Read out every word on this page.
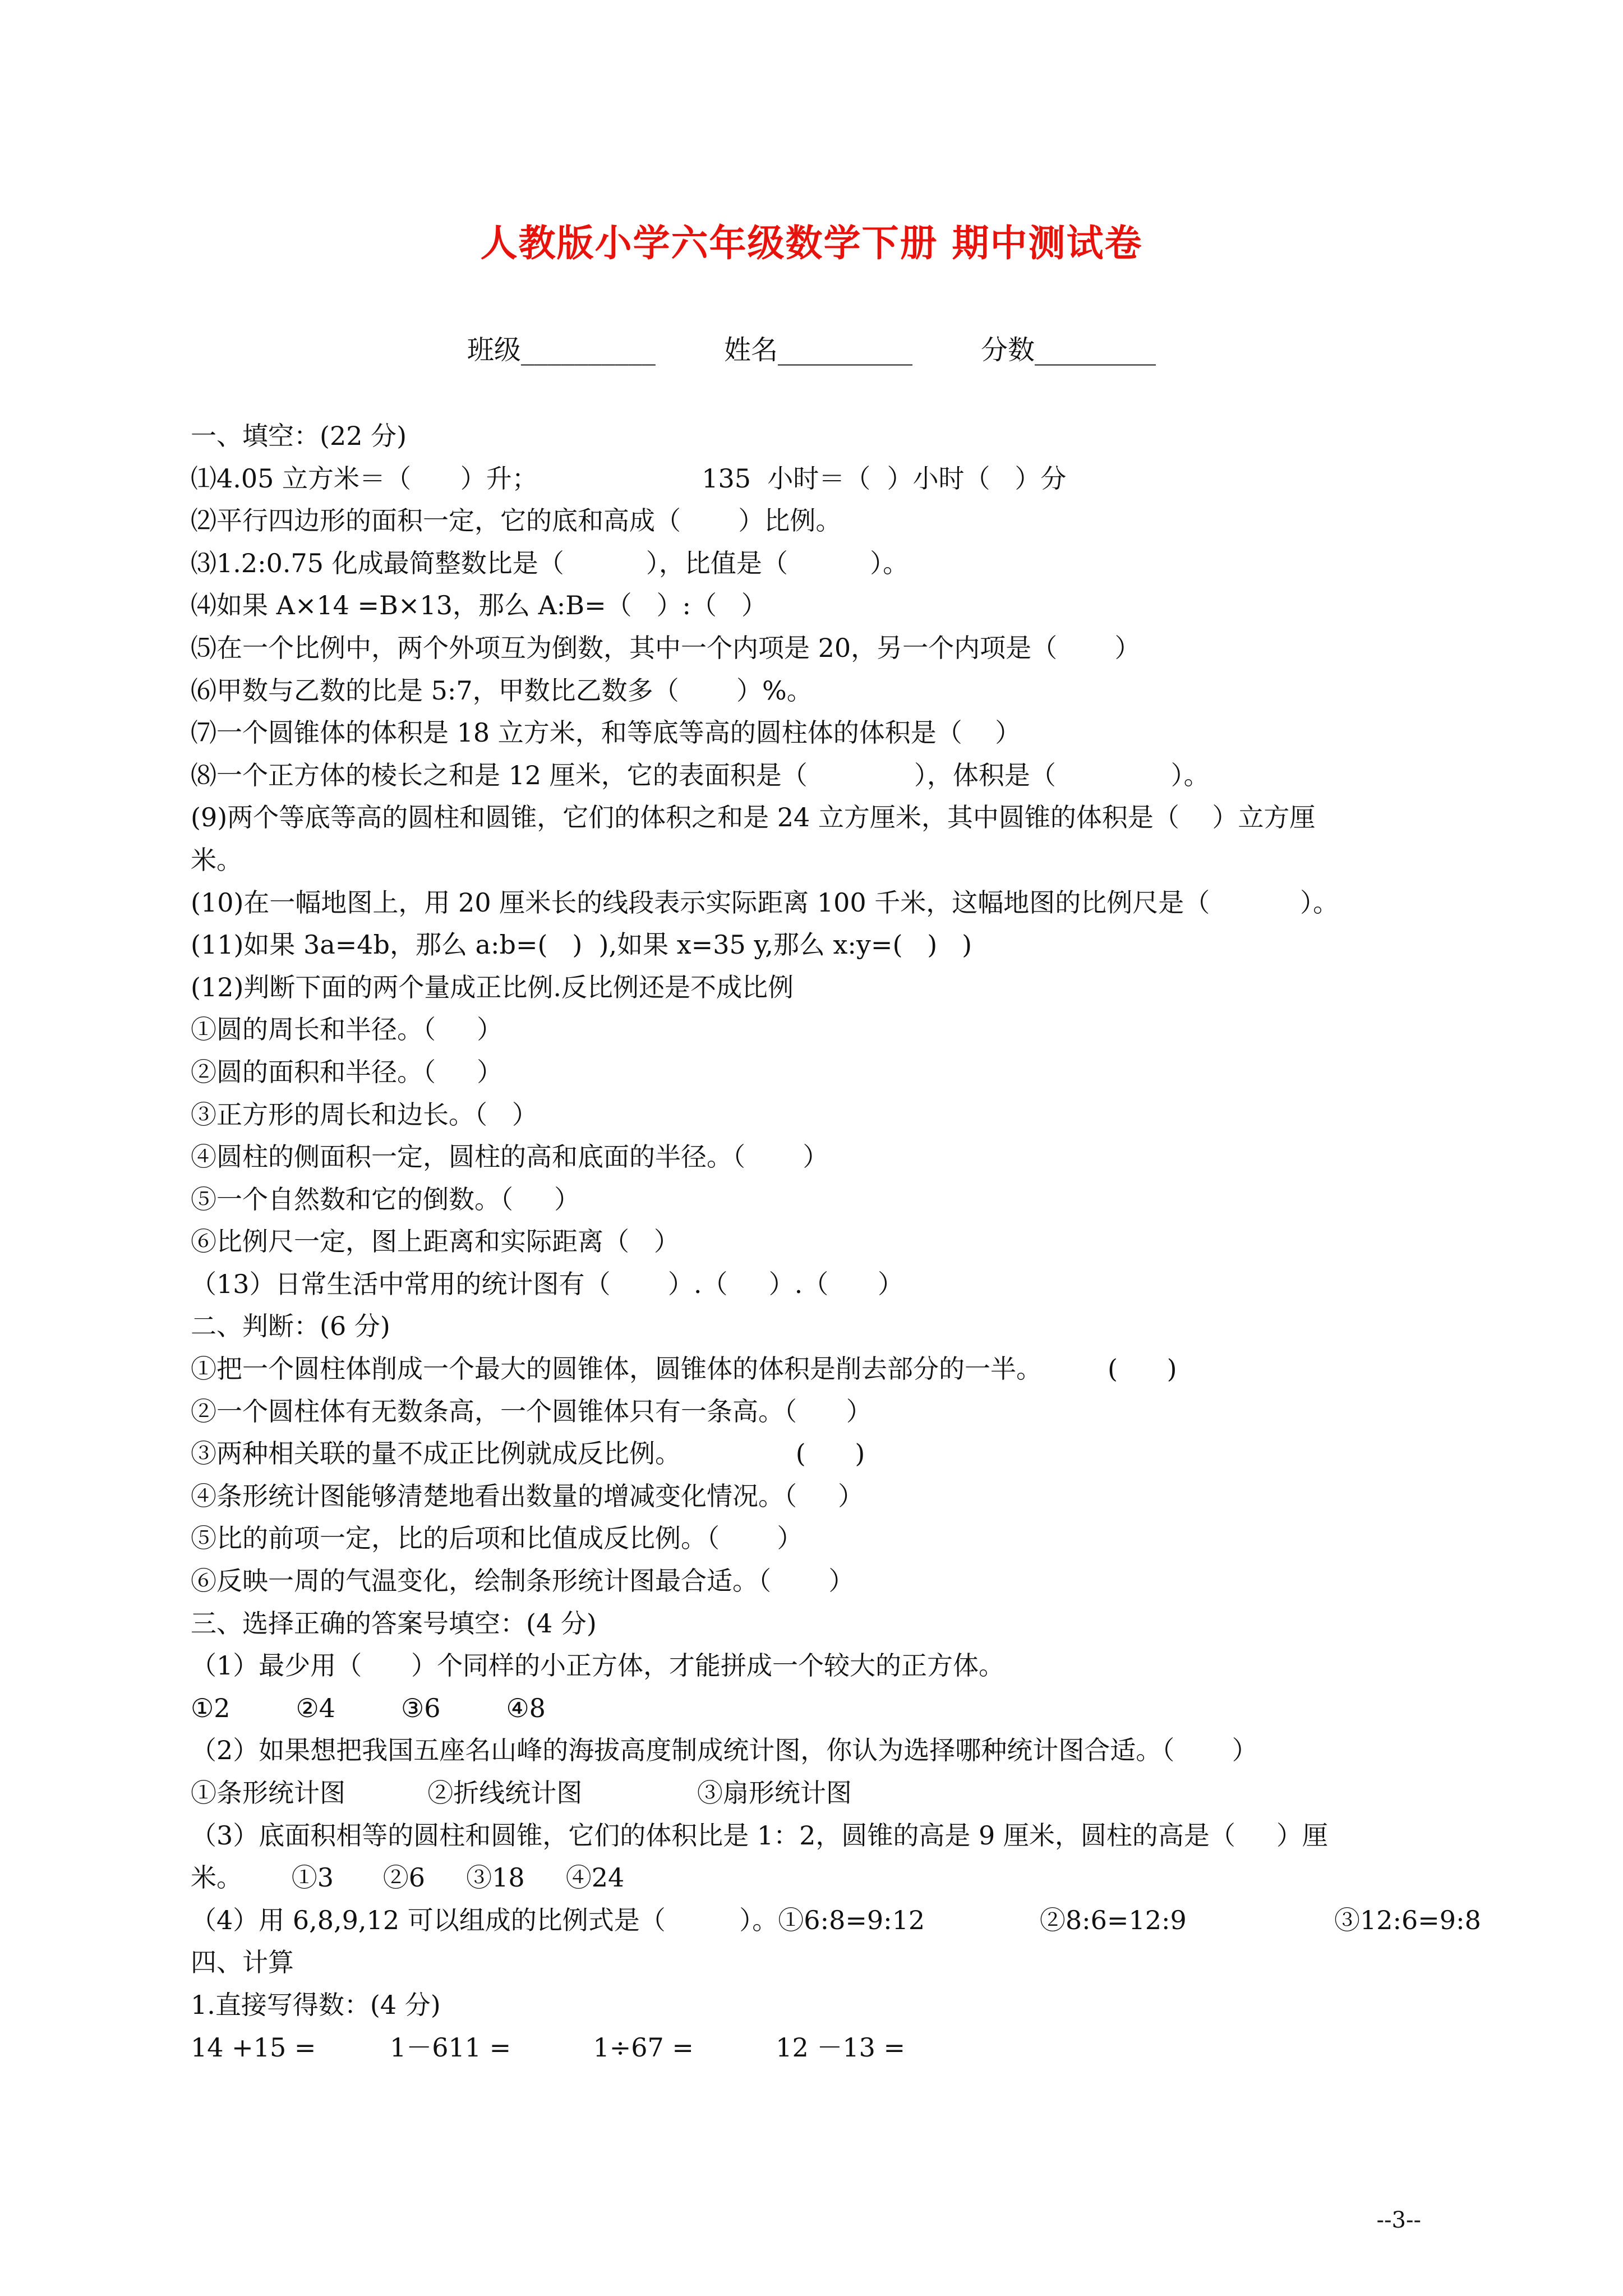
人教版小学六年级数学下册 期中测试卷
班级__________        姓名__________        分数_________
一、填空：(22 分)
⑴4.05 立方米＝（      ）升；                    135  小时＝（  ）小时（   ）分
⑵平行四边形的面积一定，它的底和高成（       ）比例。
⑶1.2:0.75 化成最简整数比是（          ），比值是（          ）。
⑷如果 A×14 =B×13，那么 A:B=（   ）:（   ）
⑸在一个比例中，两个外项互为倒数，其中一个内项是 20，另一个内项是（       ）
⑹甲数与乙数的比是 5:7，甲数比乙数多（       ）%。
⑺一个圆锥体的体积是 18 立方米，和等底等高的圆柱体的体积是（    ）
⑻一个正方体的棱长之和是 12 厘米，它的表面积是（             ），体积是（              ）。
(9)两个等底等高的圆柱和圆锥，它们的体积之和是 24 立方厘米，其中圆锥的体积是（    ）立方厘
米。
(10)在一幅地图上，用 20 厘米长的线段表示实际距离 100 千米，这幅地图的比例尺是（           ）。
(11)如果 3a=4b，那么 a:b=(   )  ),如果 x=35 y,那么 x:y=(   )   )
(12)判断下面的两个量成正比例.反比例还是不成比例
①圆的周长和半径。（     ）
②圆的面积和半径。（     ）
③正方形的周长和边长。（   ）
④圆柱的侧面积一定，圆柱的高和底面的半径。（       ）
⑤一个自然数和它的倒数。（     ）
⑥比例尺一定，图上距离和实际距离（   ）
（13）日常生活中常用的统计图有（       ）.（     ）.（      ）
二、判断：(6 分)
①把一个圆柱体削成一个最大的圆锥体，圆锥体的体积是削去部分的一半。        (      )
②一个圆柱体有无数条高，一个圆锥体只有一条高。（      ）
③两种相关联的量不成正比例就成反比例。              (      )
④条形统计图能够清楚地看出数量的增减变化情况。（     ）
⑤比的前项一定，比的后项和比值成反比例。（       ）
⑥反映一周的气温变化，绘制条形统计图最合适。（       ）
三、选择正确的答案号填空：(4 分)
（1）最少用（      ）个同样的小正方体，才能拼成一个较大的正方体。
①2        ②4        ③6        ④8
（2）如果想把我国五座名山峰的海拔高度制成统计图，你认为选择哪种统计图合适。（       ）
①条形统计图          ②折线统计图              ③扇形统计图
（3）底面积相等的圆柱和圆锥，它们的体积比是 1：2，圆锥的高是 9 厘米，圆柱的高是（     ）厘
米。      ①3      ②6     ③18     ④24
（4）用 6,8,9,12 可以组成的比例式是（         ）。①6:8=9:12              ②8:6=12:9                  ③12:6=9:8
四、计算
1.直接写得数：(4 分)
14 +15 =         1－611 =          1÷67 =          12 －13 =
--3--
